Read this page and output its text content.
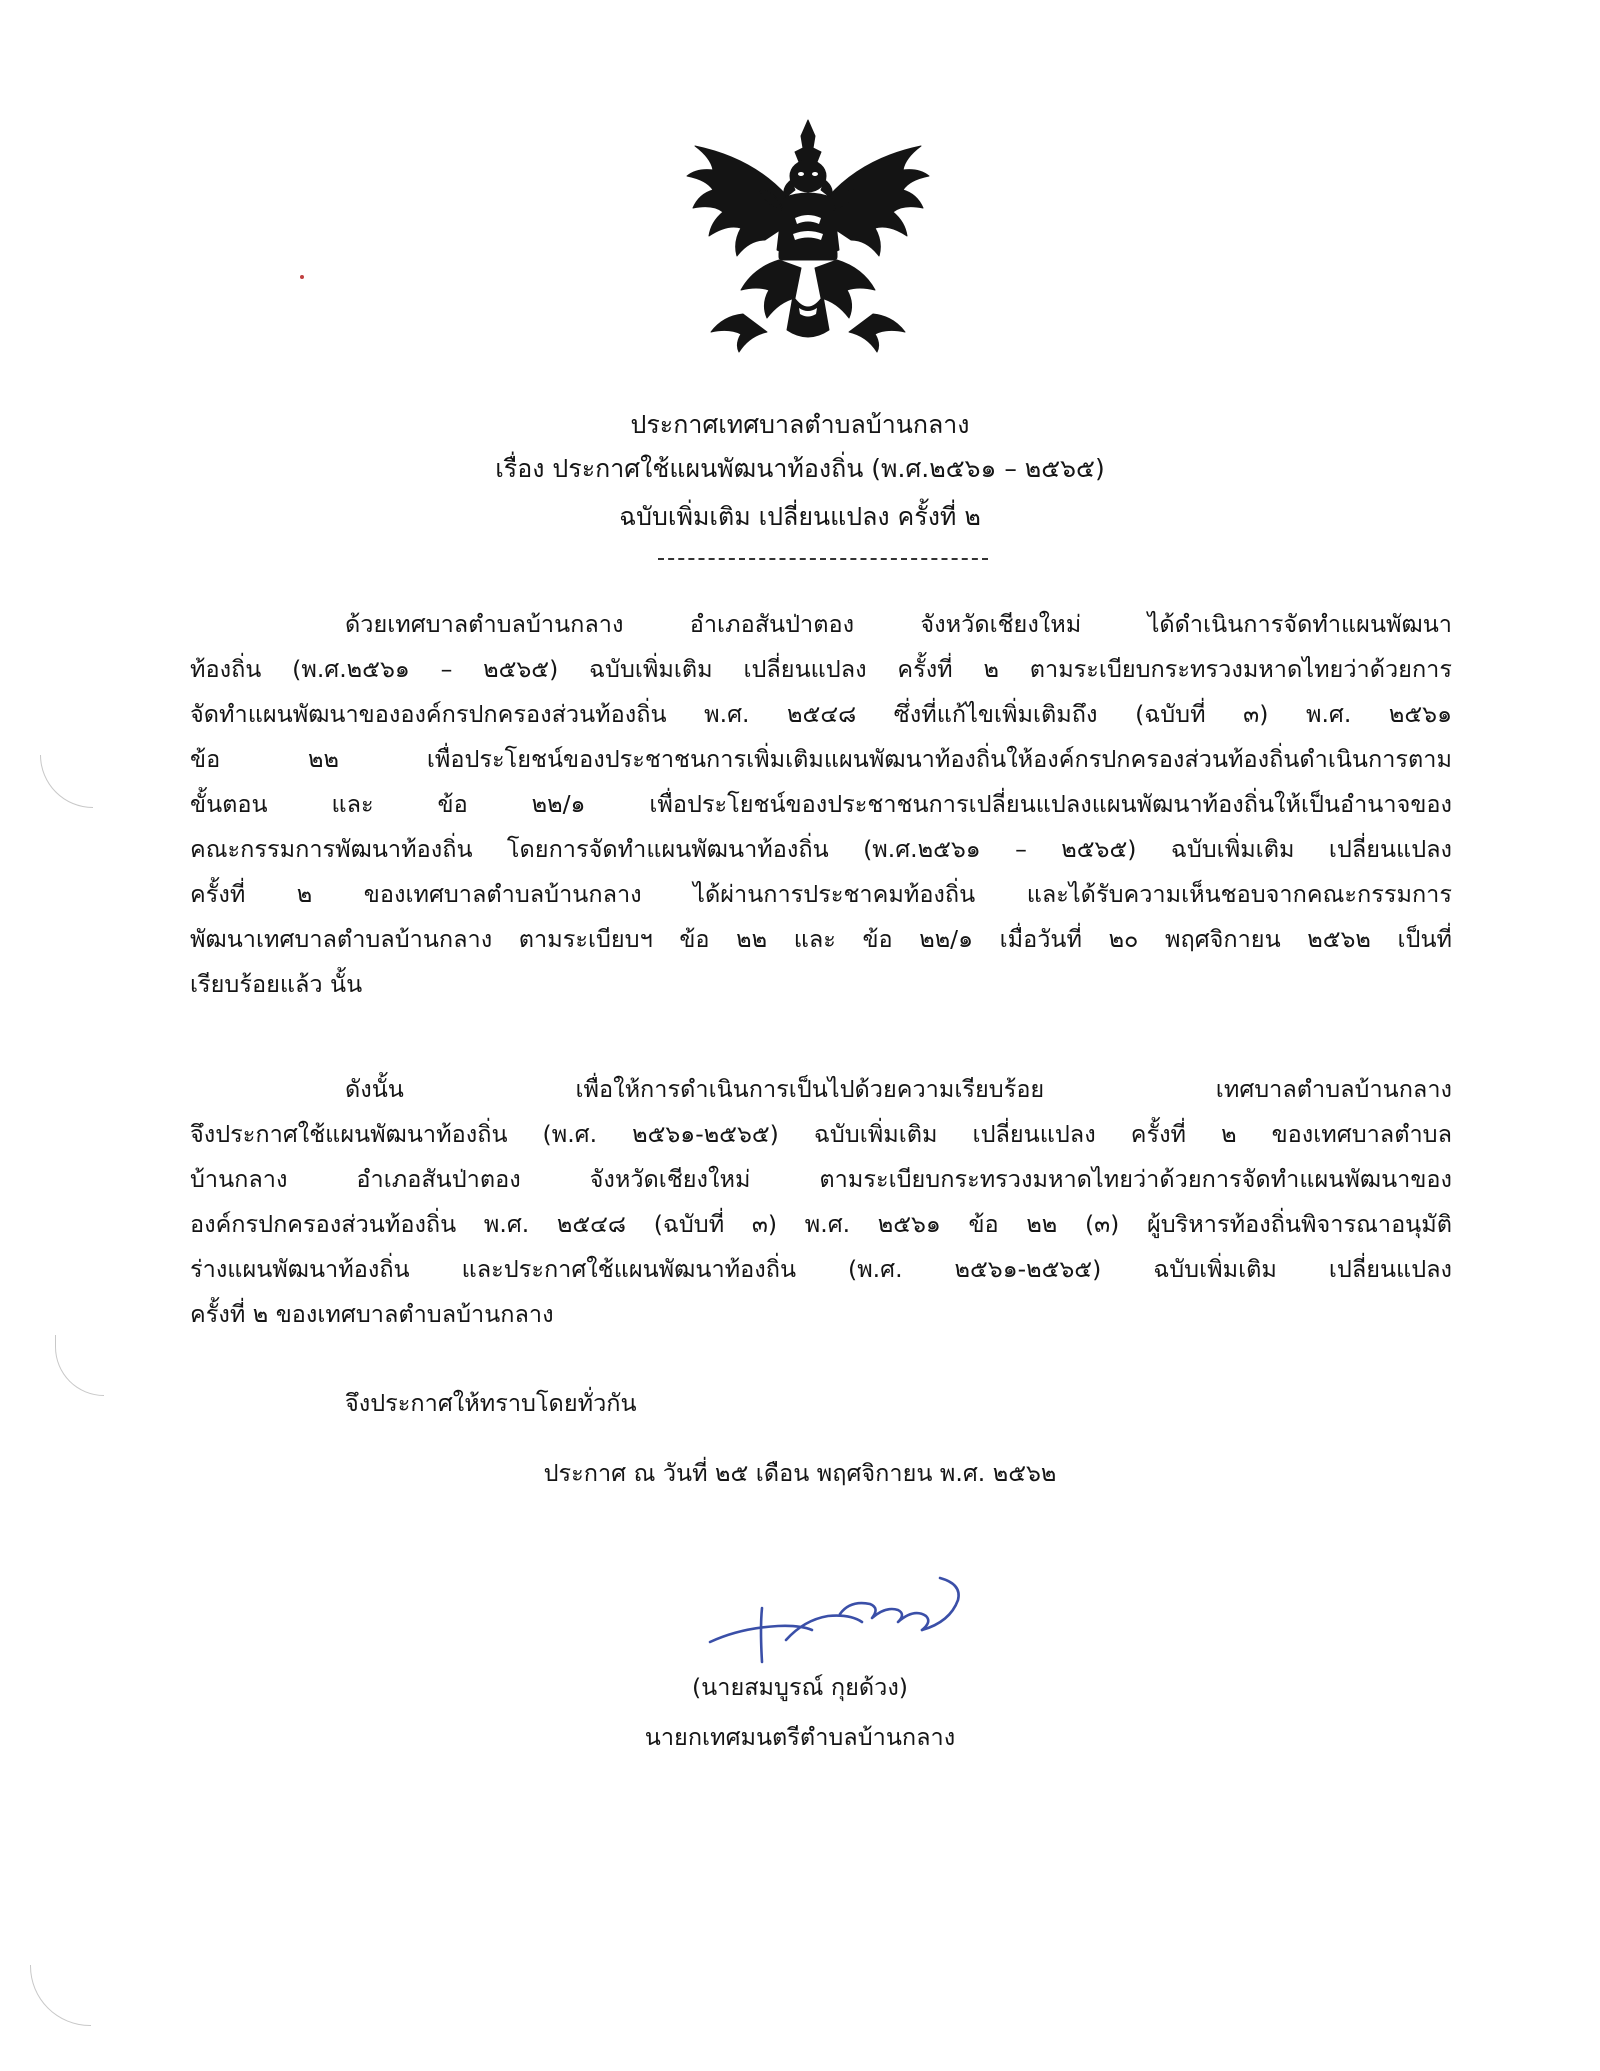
ประกาศเทศบาลตำบลบ้านกลาง
เรื่อง ประกาศใช้แผนพัฒนาท้องถิ่น (พ.ศ.๒๕๖๑ – ๒๕๖๕)
ฉบับเพิ่มเติม เปลี่ยนแปลง ครั้งที่ ๒
ด้วยเทศบาลตำบลบ้านกลาง อำเภอสันป่าตอง จังหวัดเชียงใหม่ ได้ดำเนินการจัดทำแผนพัฒนา
ท้องถิ่น (พ.ศ.๒๕๖๑ – ๒๕๖๕) ฉบับเพิ่มเติม เปลี่ยนแปลง ครั้งที่ ๒ ตามระเบียบกระทรวงมหาดไทยว่าด้วยการ
จัดทำแผนพัฒนาขององค์กรปกครองส่วนท้องถิ่น พ.ศ. ๒๕๔๘ ซึ่งที่แก้ไขเพิ่มเติมถึง (ฉบับที่ ๓) พ.ศ. ๒๕๖๑
ข้อ ๒๒ เพื่อประโยชน์ของประชาชนการเพิ่มเติมแผนพัฒนาท้องถิ่นให้องค์กรปกครองส่วนท้องถิ่นดำเนินการตาม
ขั้นตอน และ ข้อ ๒๒/๑ เพื่อประโยชน์ของประชาชนการเปลี่ยนแปลงแผนพัฒนาท้องถิ่นให้เป็นอำนาจของ
คณะกรรมการพัฒนาท้องถิ่น โดยการจัดทำแผนพัฒนาท้องถิ่น (พ.ศ.๒๕๖๑ – ๒๕๖๕) ฉบับเพิ่มเติม เปลี่ยนแปลง
ครั้งที่ ๒ ของเทศบาลตำบลบ้านกลาง ได้ผ่านการประชาคมท้องถิ่น และได้รับความเห็นชอบจากคณะกรรมการ
พัฒนาเทศบาลตำบลบ้านกลาง ตามระเบียบฯ ข้อ ๒๒ และ ข้อ ๒๒/๑ เมื่อวันที่ ๒๐ พฤศจิกายน ๒๕๖๒ เป็นที่
เรียบร้อยแล้ว นั้น
ดังนั้น เพื่อให้การดำเนินการเป็นไปด้วยความเรียบร้อย เทศบาลตำบลบ้านกลาง
จึงประกาศใช้แผนพัฒนาท้องถิ่น (พ.ศ. ๒๕๖๑-๒๕๖๕) ฉบับเพิ่มเติม เปลี่ยนแปลง ครั้งที่ ๒ ของเทศบาลตำบล
บ้านกลาง อำเภอสันป่าตอง จังหวัดเชียงใหม่ ตามระเบียบกระทรวงมหาดไทยว่าด้วยการจัดทำแผนพัฒนาของ
องค์กรปกครองส่วนท้องถิ่น พ.ศ. ๒๕๔๘ (ฉบับที่ ๓) พ.ศ. ๒๕๖๑ ข้อ ๒๒ (๓) ผู้บริหารท้องถิ่นพิจารณาอนุมัติ
ร่างแผนพัฒนาท้องถิ่น และประกาศใช้แผนพัฒนาท้องถิ่น (พ.ศ. ๒๕๖๑-๒๕๖๕) ฉบับเพิ่มเติม เปลี่ยนแปลง
ครั้งที่ ๒ ของเทศบาลตำบลบ้านกลาง
จึงประกาศให้ทราบโดยทั่วกัน
ประกาศ ณ วันที่ ๒๕ เดือน พฤศจิกายน พ.ศ. ๒๕๖๒
(นายสมบูรณ์ กุยด้วง)
นายกเทศมนตรีตำบลบ้านกลาง
